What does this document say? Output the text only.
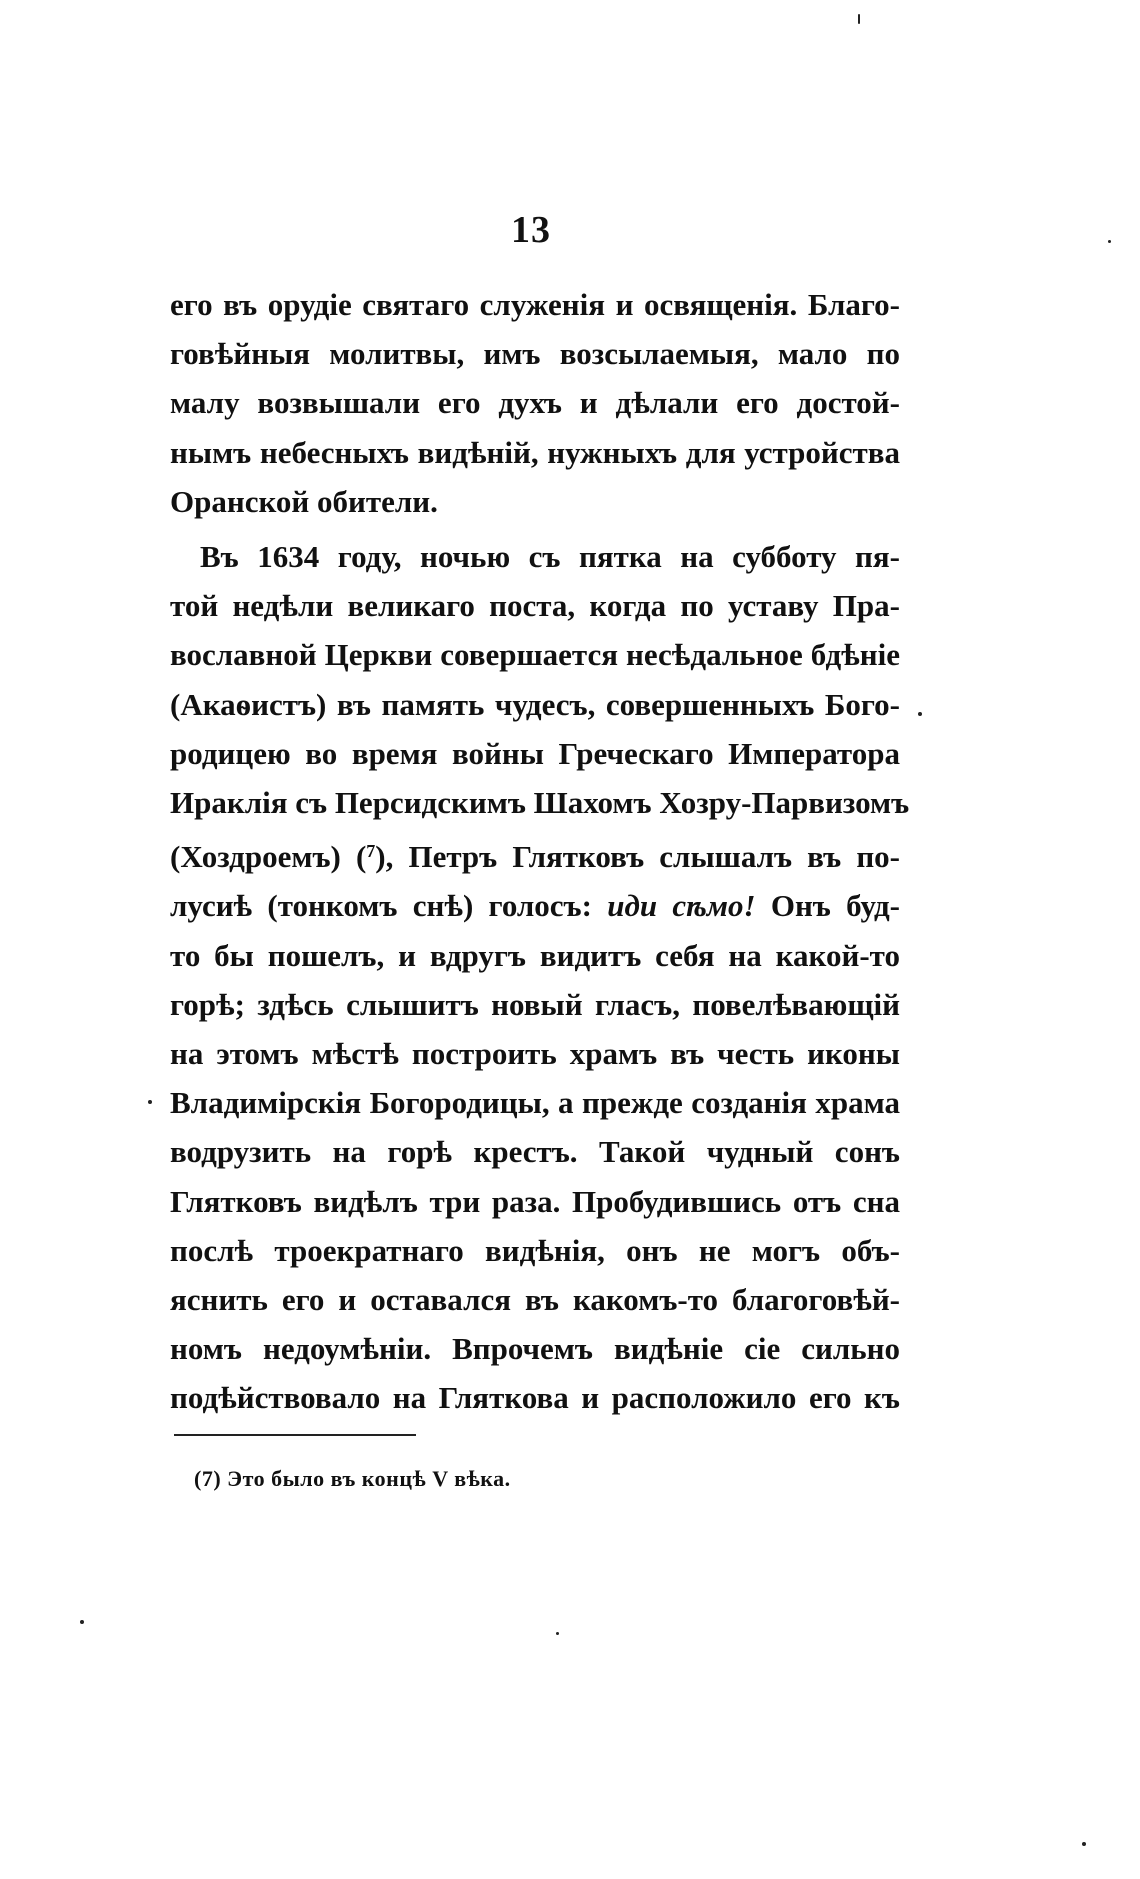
13
его въ орудіе святаго служенія и освященія. Благо-
говѣйныя молитвы, имъ возсылаемыя, мало по
малу возвышали его духъ и дѣлали его достой-
нымъ небесныхъ видѣній, нужныхъ для устройства
Оранской обители.
Въ 1634 году, ночью съ пятка на субботу пя-
той недѣли великаго поста, когда по уставу Пра-
вославной Церкви совершается несѣдальное бдѣніе
(Акаѳистъ) въ память чудесъ, совершенныхъ Бого-
родицею во время войны Греческаго Императора
Ираклія съ Персидскимъ Шахомъ Хозру-Парвизомъ
(Хоздроемъ) ($^7$), Петръ Глятковъ слышалъ въ по-
лусиѣ (тонкомъ снѣ) голосъ: иди сѣмо! Онъ буд-
то бы пошелъ, и вдругъ видитъ себя на какой-то
горѣ; здѣсь слышитъ новый гласъ, повелѣвающій
на этомъ мѣстѣ построить храмъ въ честь иконы
Владимірскія Богородицы, а прежде созданія храма
водрузить на горѣ крестъ. Такой чудный сонъ
Глятковъ видѣлъ три раза. Пробудившись отъ сна
послѣ троекратнаго видѣнія, онъ не могъ объ-
яснить его и оставался въ какомъ-то благоговѣй-
номъ недоумѣніи. Впрочемъ видѣніе сіе сильно
подѣйствовало на Глятковa и расположило его къ
(7) Это было въ концѣ V вѣка.
